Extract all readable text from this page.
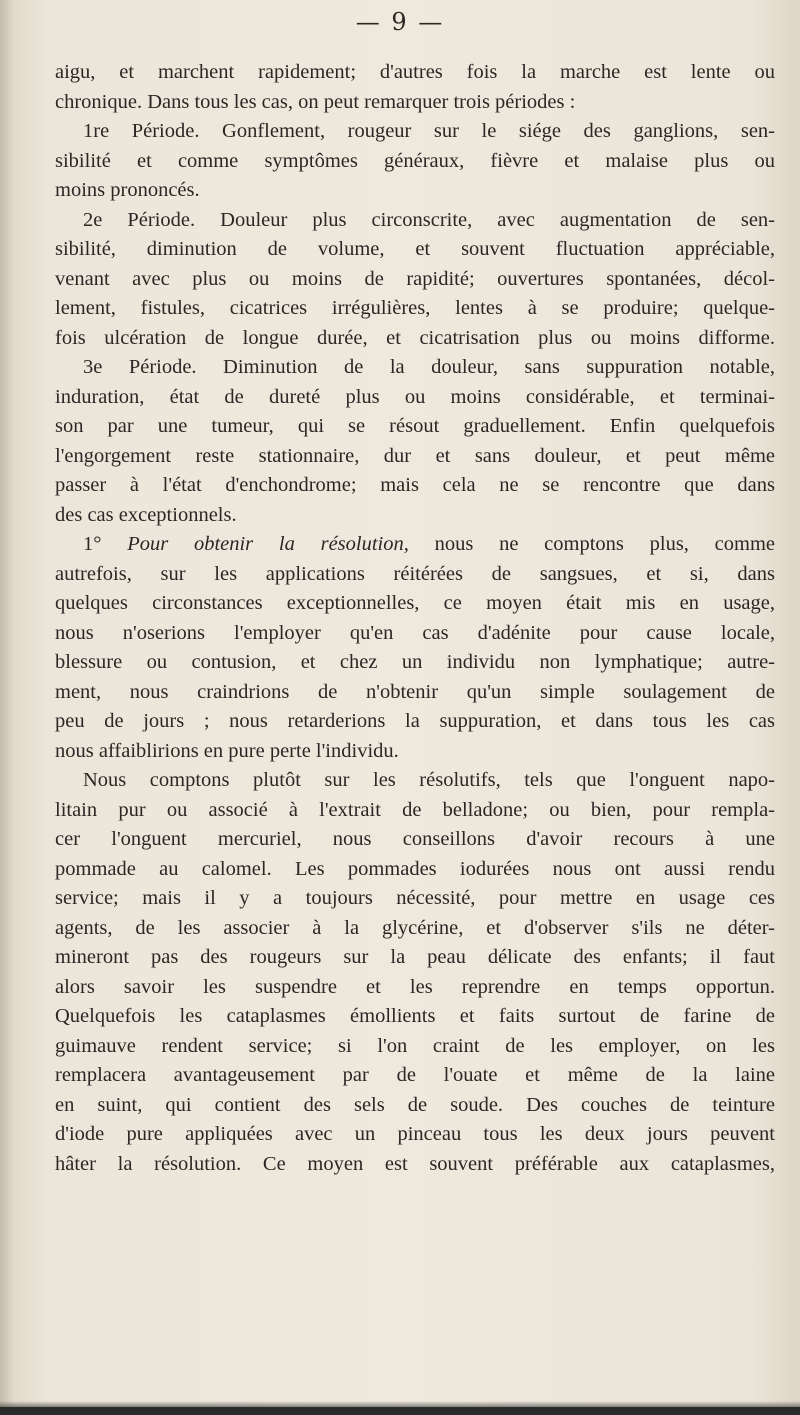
— 9 —
aigu, et marchent rapidement; d'autres fois la marche est lente ou
chronique. Dans tous les cas, on peut remarquer trois périodes :
1re Période. Gonflement, rougeur sur le siége des ganglions, sen-
sibilité et comme symptômes généraux, fièvre et malaise plus ou
moins prononcés.
2e Période. Douleur plus circonscrite, avec augmentation de sen-
sibilité, diminution de volume, et souvent fluctuation appréciable,
venant avec plus ou moins de rapidité; ouvertures spontanées, décol-
lement, fistules, cicatrices irrégulières, lentes à se produire; quelque-
fois ulcération de longue durée, et cicatrisation plus ou moins difforme.
3e Période. Diminution de la douleur, sans suppuration notable,
induration, état de dureté plus ou moins considérable, et terminai-
son par une tumeur, qui se résout graduellement. Enfin quelquefois
l'engorgement reste stationnaire, dur et sans douleur, et peut même
passer à l'état d'enchondrome; mais cela ne se rencontre que dans
des cas exceptionnels.
1° Pour obtenir la résolution, nous ne comptons plus, comme
autrefois, sur les applications réitérées de sangsues, et si, dans
quelques circonstances exceptionnelles, ce moyen était mis en usage,
nous n'oserions l'employer qu'en cas d'adénite pour cause locale,
blessure ou contusion, et chez un individu non lymphatique; autre-
ment, nous craindrions de n'obtenir qu'un simple soulagement de
peu de jours ; nous retarderions la suppuration, et dans tous les cas
nous affaiblirions en pure perte l'individu.
Nous comptons plutôt sur les résolutifs, tels que l'onguent napo-
litain pur ou associé à l'extrait de belladone; ou bien, pour rempla-
cer l'onguent mercuriel, nous conseillons d'avoir recours à une
pommade au calomel. Les pommades iodurées nous ont aussi rendu
service; mais il y a toujours nécessité, pour mettre en usage ces
agents, de les associer à la glycérine, et d'observer s'ils ne déter-
mineront pas des rougeurs sur la peau délicate des enfants; il faut
alors savoir les suspendre et les reprendre en temps opportun.
Quelquefois les cataplasmes émollients et faits surtout de farine de
guimauve rendent service; si l'on craint de les employer, on les
remplacera avantageusement par de l'ouate et même de la laine
en suint, qui contient des sels de soude. Des couches de teinture
d'iode pure appliquées avec un pinceau tous les deux jours peuvent
hâter la résolution. Ce moyen est souvent préférable aux cataplasmes,
